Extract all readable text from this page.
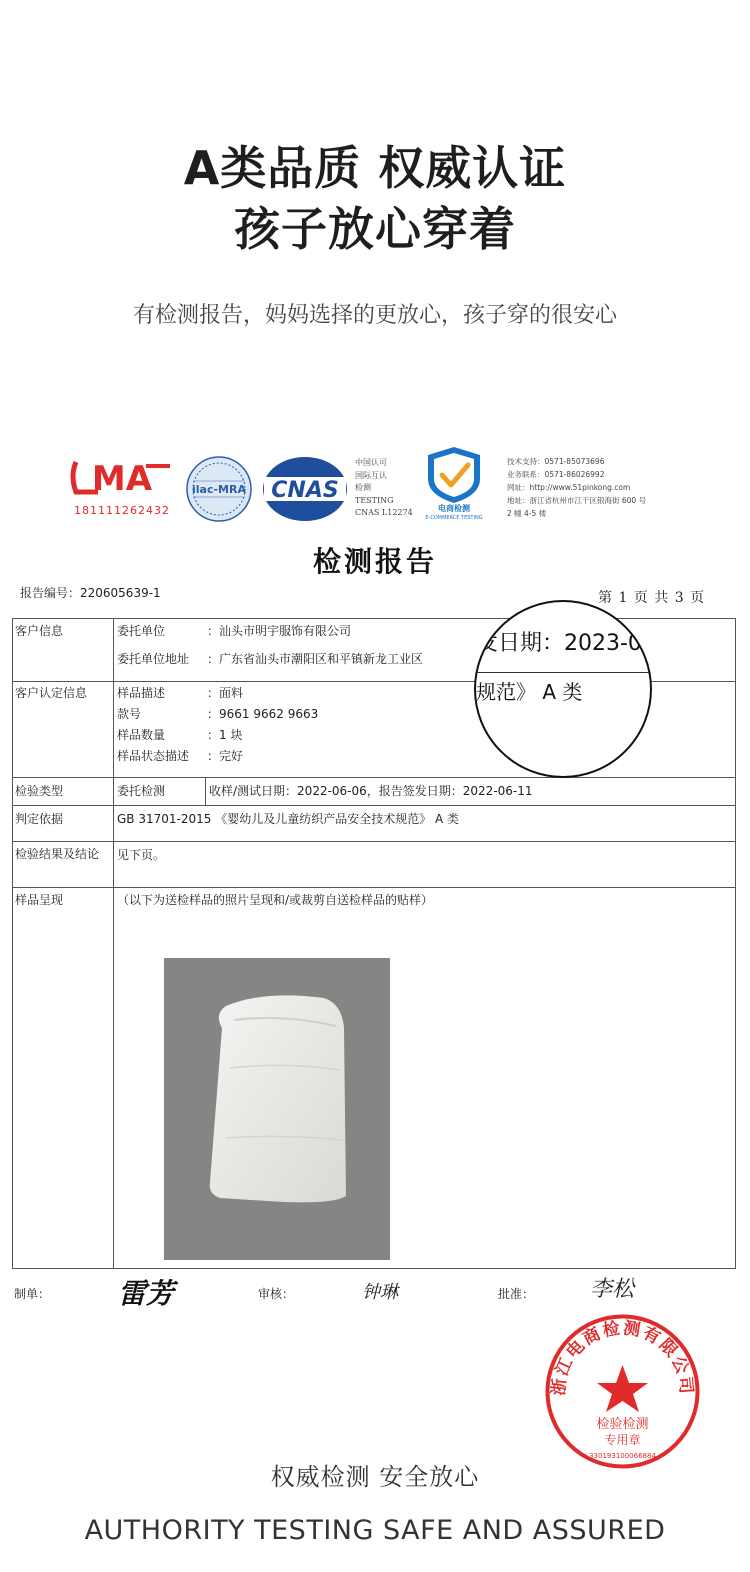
A类品质 权威认证
孩子放心穿着
有检测报告，妈妈选择的更放心，孩子穿的很安心
MA
181111262432
ilac-MRA CNAS
中国认可
国际互认
检测
TESTING
CNAS L12274	电商检测
E-COMMERCE TESTING
技术支持：0571-85073696
业务联系：0571-86026992
网址：http://www.51pinkong.com
地址：浙江省杭州市江干区银海街 600 号
2 幢 4-5 楼
检测报告
报告编号：220605639-1	第 1 页 共 3 页
客户信息	委托单位	：汕头市明宇服饰有限公司
委托单位地址 ：广东省汕头市潮阳区和平镇新龙工业区
客户认定信息 样品描述	：面料
款号	：9661 9662 9663
样品数量	：1 块
样品状态描述 ：完好
检验类型	委托检测	收样/测试日期：2022-06-06，报告签发日期：2022-06-11
判定依据	GB 31701-2015 《婴幼儿及儿童纺织产品安全技术规范》 A 类
检验结果及结论	见下页。
样品呈现	（以下为送检样品的照片呈现和/或裁剪自送检样品的贴样）
发日期：2023-0
规范》 A 类
制单： 雷芳	审核：	钟琳	批准：	李松
浙江电商检测有限公司
检验检测
专用章
330193100066884
权威检测 安全放心
AUTHORITY TESTING SAFE AND ASSURED
